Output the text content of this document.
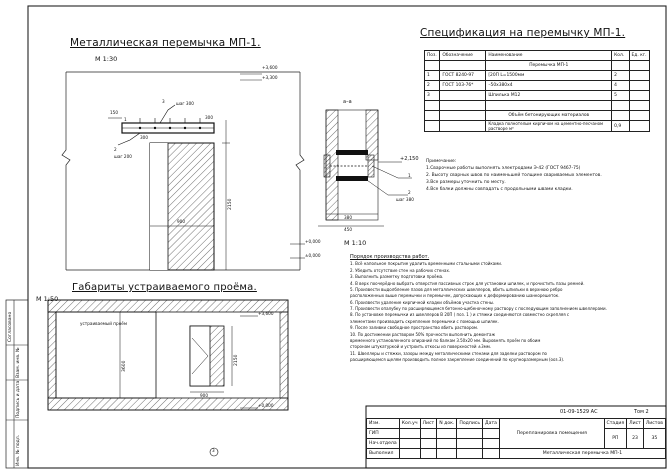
Металлическая перемычка МП-1.
М 1:30
Спецификация на перемычку МП-1.
Габариты устраиваемого проёма.
М 1:50
М 1:10
+3,600
+3,300
+0,000
±0,000
3	шаг 300
150
1	300
300
2
шаг 200
2150
900
а–а
+2,150
1
2
шаг 380
380
450
Поз.	Обозначение	Наименование	Кол.	Ед. кг.
		Перемычка МП-1		
1	ГОСТ 8240-97	[20П L=1500мм	2	
2	ГОСТ 103-76*	–50х380х4	4	
3		Шпилька М12	5	

		Объём бетонирующих материалов		
		Кладка полнотелым кирпичом на цементно-песчаном растворе м³	0,9	
Примечание:
1.Сварочные работы выполнять электродами Э-42 (ГОСТ 9467-75)
2. Высоту сварных швов по наименьшей толщине свариваемых элементов.
3.Все размеры уточнить по месту.
4.Все балки должны совпадать с продольными швами кладки.
Порядок производства работ.
1. Всё напольное покрытие удалить временными стальными стойками.
2. Убедить отсутствие стен на рабочих стенах.
3. Выполнить разметку подготовки проёма.
4. В верх поочерёдно выбрать отверстия пассивных строк для установки шпилек, и прочистить пазы ремней.
5. Произвести выдолбление пазов для металлических швеллеров, вбить шпильки в верхнюю ребро
расположенных выше перемычки и перемычек, допускающих к деформированию шанкорешеток.
6. Произвести удаление кирпичной кладки объёмов участка стены.
7. Произвести опалубку по расширяющемся бетонно-щебеночному раствору с последующим заполнением швеллерами.
8. По установке перемычки из швеллеров В 20П ( поз. 1 ) и стяжки соединяются совместно скрепляя с
элементами производить скрепление перемычки с помощью шпилек.
9. После заливки свободное пространство вбить раствором.
10. По достижении раствором 50% прочности выполнить демонтаж
временного установленного опираний по балкам 3.50х20 мм. Выровнять проём по обоим
сторонам штукатуркой и устроить откосы из поверхностей ±3мм.
11. Швеллеры и стяжки, зазоры между металлическими стенами для заделки раствором по
расширяющемся щелям производить полное закрепление соединений по крупноразмерным (ооз.3).
устраиваемый проём
3600
2150
900
+3,600
+0,000
3
01-09-1529 АС	Том 2
Изм.	Кол.уч	Лист	N док.	Подпись	Дата	Перепланировка помещения	Стадия	Лист	Листов
ГИП							РП	23	35
Нач.отдела									
Выполнил						Металлическая перемычка МП-1			
Согласовано
Взам. инв. №
Подпись и дата
Инв. № подл.
